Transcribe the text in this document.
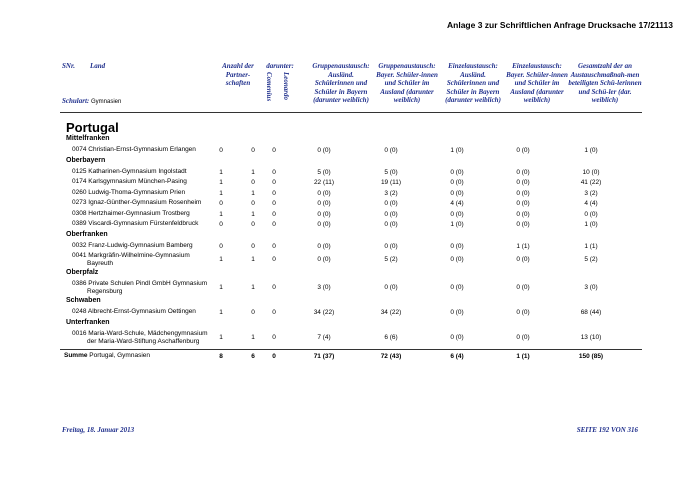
Anlage 3 zur Schriftlichen Anfrage Drucksache 17/21113
SNr. Land
Schulart: Gymnasien
Anzahl der Partner-schaften
darunter:
Comenius Leonardo
Gruppenaustausch: Ausländ. Schülerinnen und Schüler in Bayern (darunter weiblich)
Gruppenaustausch: Bayer. Schüler-innen und Schüler im Ausland (darunter weiblich)
Einzelaustausch: Ausländ. Schülerinnen und Schüler in Bayern (darunter weiblich)
Einzelaustausch: Bayer. Schüler-innen und Schüler im Ausland (darunter weiblich)
Gesamtzahl der an Austauschmaßnah-men beteiligten Schü-lerinnen und Schü-ler (dar. weiblich)
Portugal
Mittelfranken
0074 Christian-Ernst-Gymnasium Erlangen	0	0	0	0 (0)	0 (0)	1 (0)	0 (0)	1 (0)
Oberbayern
0125 Katharinen-Gymnasium Ingolstadt	1	1	0	5 (0)	5 (0)	0 (0)	0 (0)	10 (0)
0174 Karlsgymnasium München-Pasing	1	0	0	22 (11)	19 (11)	0 (0)	0 (0)	41 (22)
0260 Ludwig-Thoma-Gymnasium Prien	1	1	0	0 (0)	3 (2)	0 (0)	0 (0)	3 (2)
0273 Ignaz-Günther-Gymnasium Rosenheim	0	0	0	0 (0)	0 (0)	4 (4)	0 (0)	4 (4)
0308 Hertzhaimer-Gymnasium Trostberg	1	1	0	0 (0)	0 (0)	0 (0)	0 (0)	0 (0)
0389 Viscardi-Gymnasium Fürstenfeldbruck	0	0	0	0 (0)	0 (0)	1 (0)	0 (0)	1 (0)
Oberfranken
0032 Franz-Ludwig-Gymnasium Bamberg	0	0	0	0 (0)	0 (0)	0 (0)	1 (1)	1 (1)
0041 Markgräfin-Wilhelmine-Gymnasium
Bayreuth
1	1	0	0 (0)	5 (2)	0 (0)	0 (0)	5 (2)
Oberpfalz
0386 Private Schulen Pindl GmbH Gymnasium
Regensburg
1	1	0	3 (0)	0 (0)	0 (0)	0 (0)	3 (0)
Schwaben
0248 Albrecht-Ernst-Gymnasium Oettingen	1	0	0	34 (22)	34 (22)	0 (0)	0 (0)	68 (44)
Unterfranken
0016 Maria-Ward-Schule, Mädchengymnasium
der Maria-Ward-Stiftung Aschaffenburg
1	1	0	7 (4)	6 (6)	0 (0)	0 (0)	13 (10)
Summe Portugal, Gymnasien	8	6	0	71 (37)	72 (43)	6 (4)	1 (1)	150 (85)
Freitag, 18. Januar 2013	SEITE 192 VON 316
